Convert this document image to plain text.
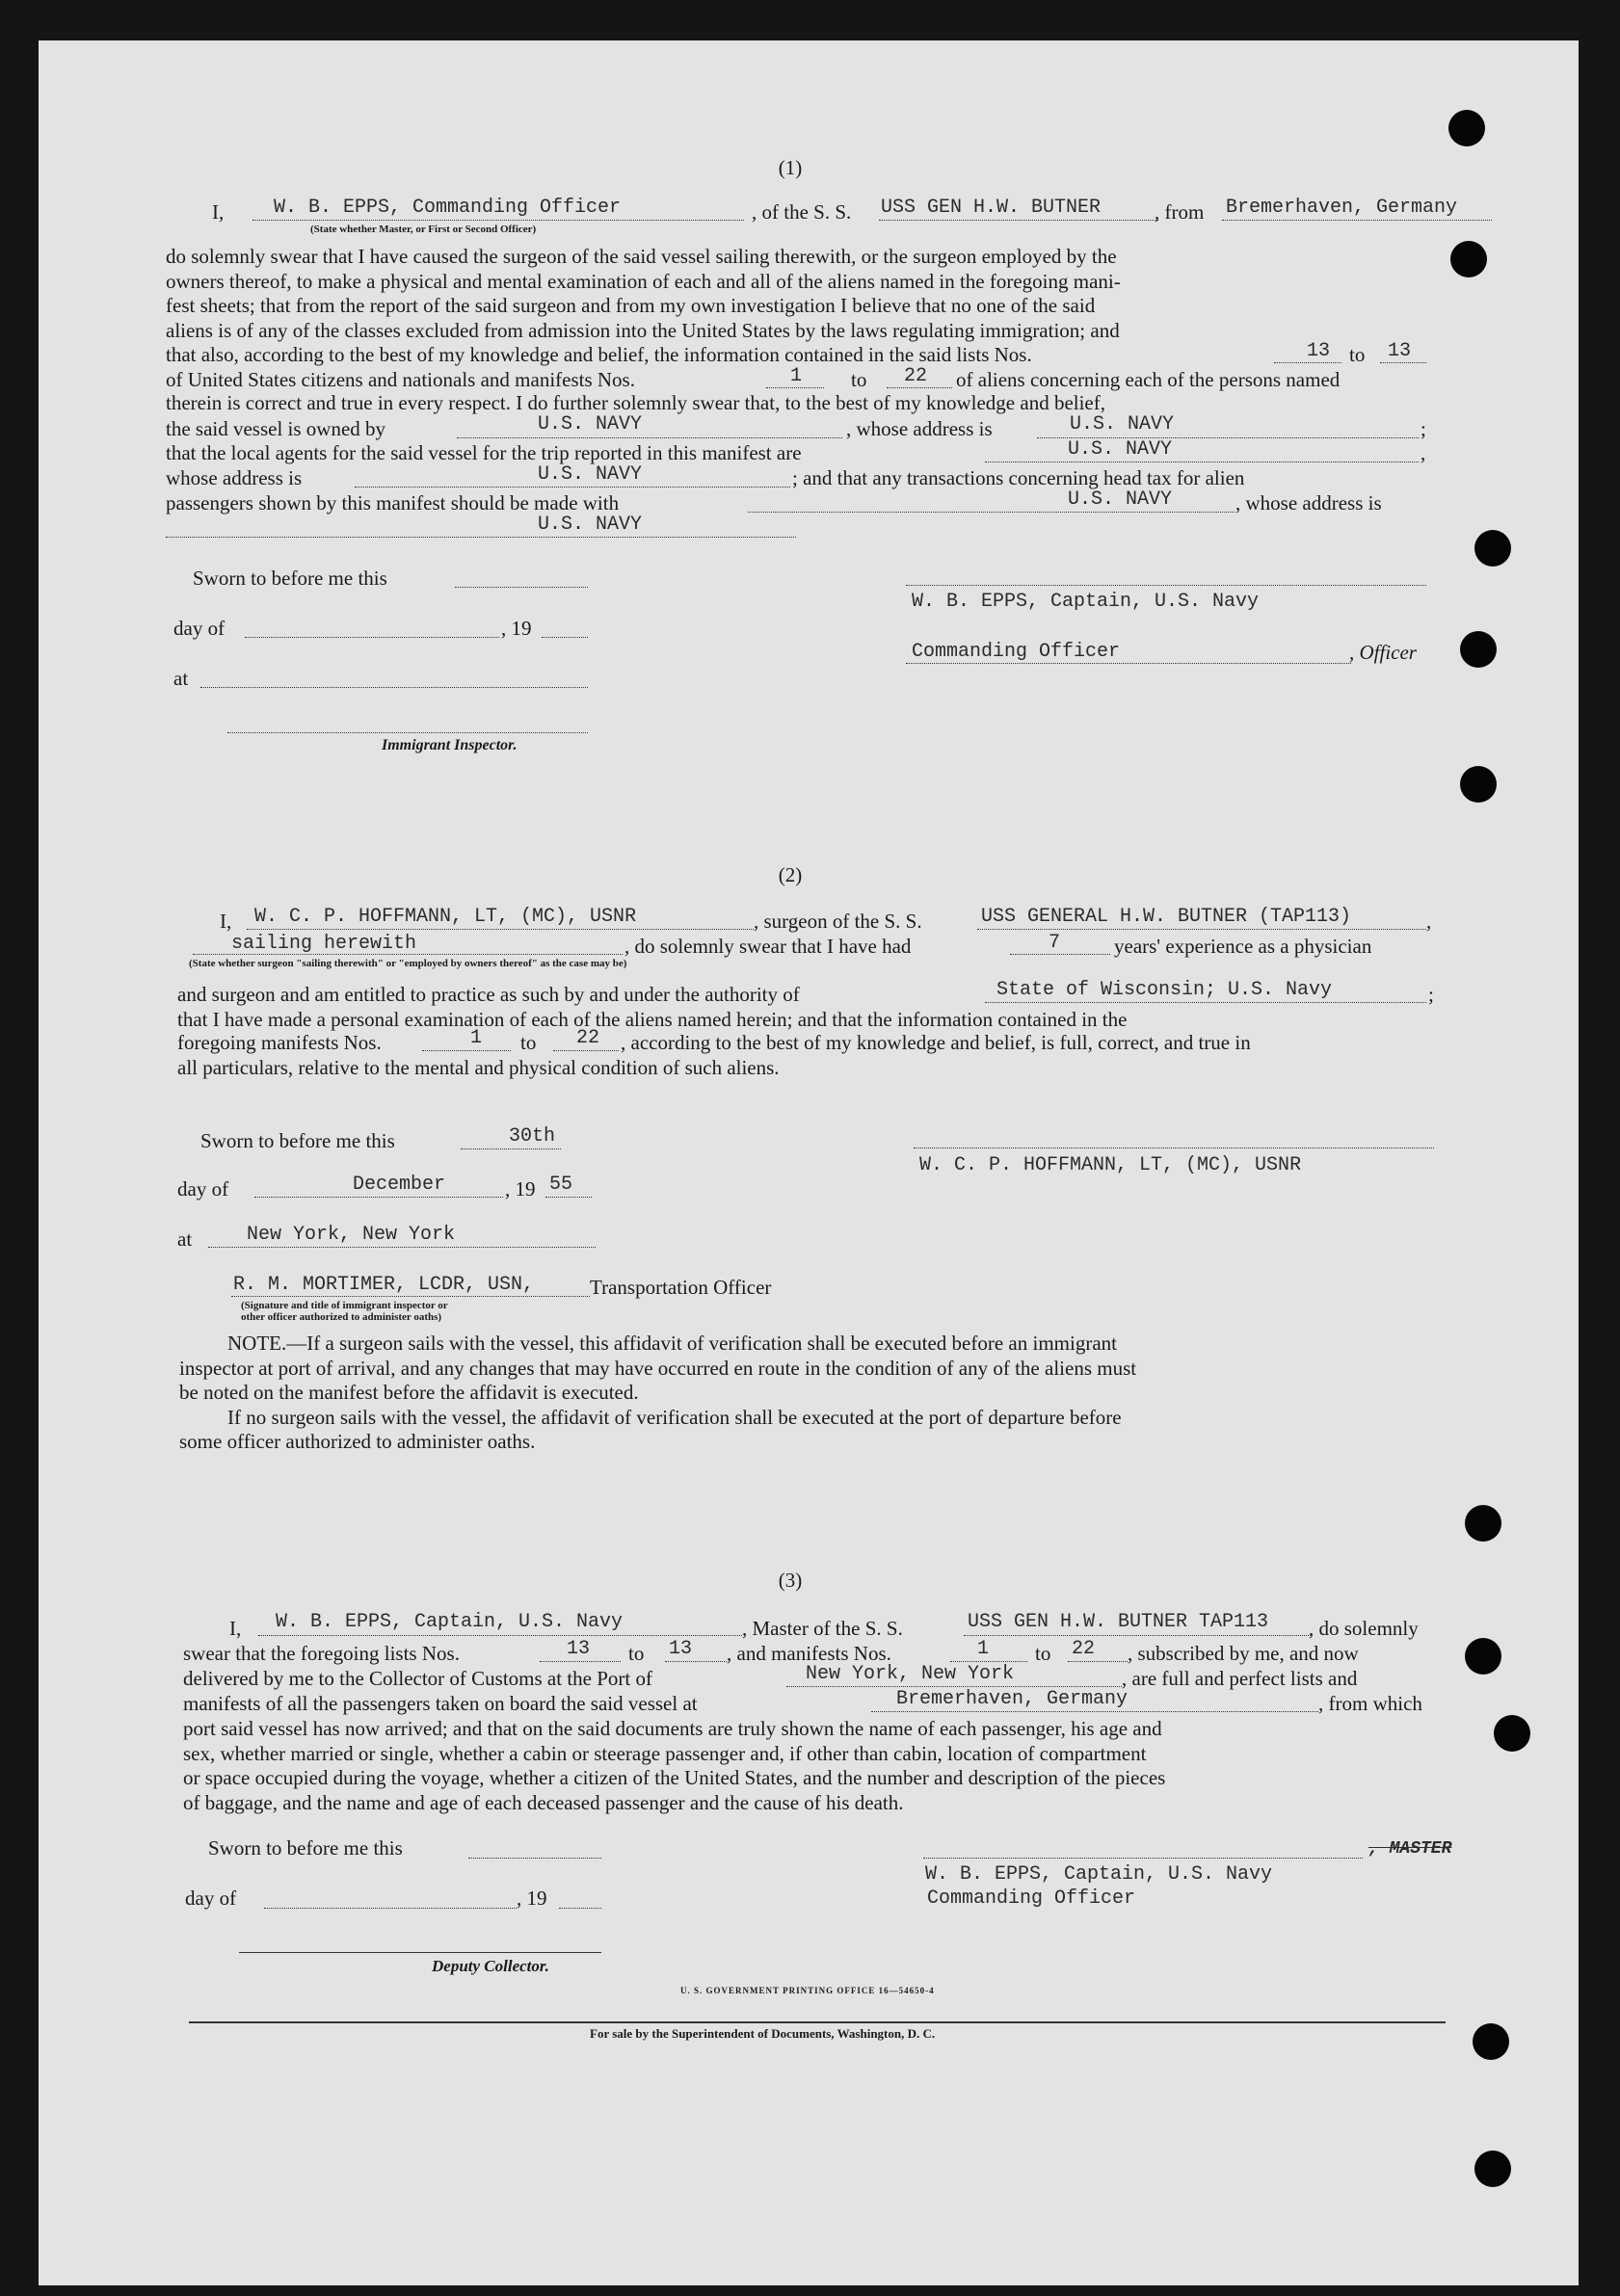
(1)
I,	W. B. EPPS, Commanding Officer
(State whether Master, or First or Second Officer)
, of the S. S. USS GEN H.W. BUTNER	, from Bremerhaven, Germany
do solemnly swear that I have caused the surgeon of the said vessel sailing therewith, or the surgeon employed by the
owners thereof, to make a physical and mental examination of each and all of the aliens named in the foregoing mani-
fest sheets; that from the report of the said surgeon and from my own investigation I believe that no one of the said
aliens is of any of the classes excluded from admission into the United States by the laws regulating immigration; and
that also, according to the best of my knowledge and belief, the information contained in the said lists Nos.	13 to 13
of United States citizens and nationals and manifests Nos.	1 to 22 of aliens concerning each of the persons named
therein is correct and true in every respect. I do further solemnly swear that, to the best of my knowledge and belief,
the said vessel is owned by	U.S. NAVY	, whose address is	U.S. NAVY	;
that the local agents for the said vessel for the trip reported in this manifest are	U.S. NAVY	,
whose address is	U.S. NAVY	; and that any transactions concerning head tax for alien
passengers shown by this manifest should be made with	U.S. NAVY	, whose address is
U.S. NAVY
Sworn to before me this
day of	, 19
at
Immigrant Inspector.
W. B. EPPS, Captain, U.S. Navy
Commanding Officer	, Officer
(2)
I, W. C. P. HOFFMANN, LT, (MC), USNR	, surgeon of the S. S.	USS GENERAL H.W. BUTNER (TAP113)	,
sailing herewith	, do solemnly swear that I have had	7	years' experience as a physician
(State whether surgeon "sailing therewith" or "employed by owners thereof" as the case may be)
and surgeon and am entitled to practice as such by and under the authority of	State of Wisconsin; U.S. Navy	;
that I have made a personal examination of each of the aliens named herein; and that the information contained in the
foregoing manifests Nos.	1 to 22 , according to the best of my knowledge and belief, is full, correct, and true in
all particulars, relative to the mental and physical condition of such aliens.
Sworn to before me this	30th
day of	December	, 19 55
at	New York, New York
R. M. MORTIMER, LCDR, USN,	Transportation Officer
(Signature and title of immigrant inspector or
other officer authorized to administer oaths)
W. C. P. HOFFMANN, LT, (MC), USNR
NOTE.—If a surgeon sails with the vessel, this affidavit of verification shall be executed before an immigrant
inspector at port of arrival, and any changes that may have occurred en route in the condition of any of the aliens must
be noted on the manifest before the affidavit is executed.
If no surgeon sails with the vessel, the affidavit of verification shall be executed at the port of departure before
some officer authorized to administer oaths.
(3)
I, W. B. EPPS, Captain, U.S. Navy	, Master of the S. S.	USS GEN H.W. BUTNER TAP113 , do solemnly
swear that the foregoing lists Nos.	13 to 13 , and manifests Nos.	1 to 22 , subscribed by me, and now
delivered by me to the Collector of Customs at the Port of	New York, New York	, are full and perfect lists and
manifests of all the passengers taken on board the said vessel at	Bremerhaven, Germany	, from which
port said vessel has now arrived; and that on the said documents are truly shown the name of each passenger, his age and
sex, whether married or single, whether a cabin or steerage passenger and, if other than cabin, location of compartment
or space occupied during the voyage, whether a citizen of the United States, and the number and description of the pieces
of baggage, and the name and age of each deceased passenger and the cause of his death.
Sworn to before me this
day of	, 19
Deputy Collector.
, MASTER
W. B. EPPS, Captain, U.S. Navy
Commanding Officer
U. S. GOVERNMENT PRINTING OFFICE 16—54650-4
For sale by the Superintendent of Documents, Washington, D. C.
